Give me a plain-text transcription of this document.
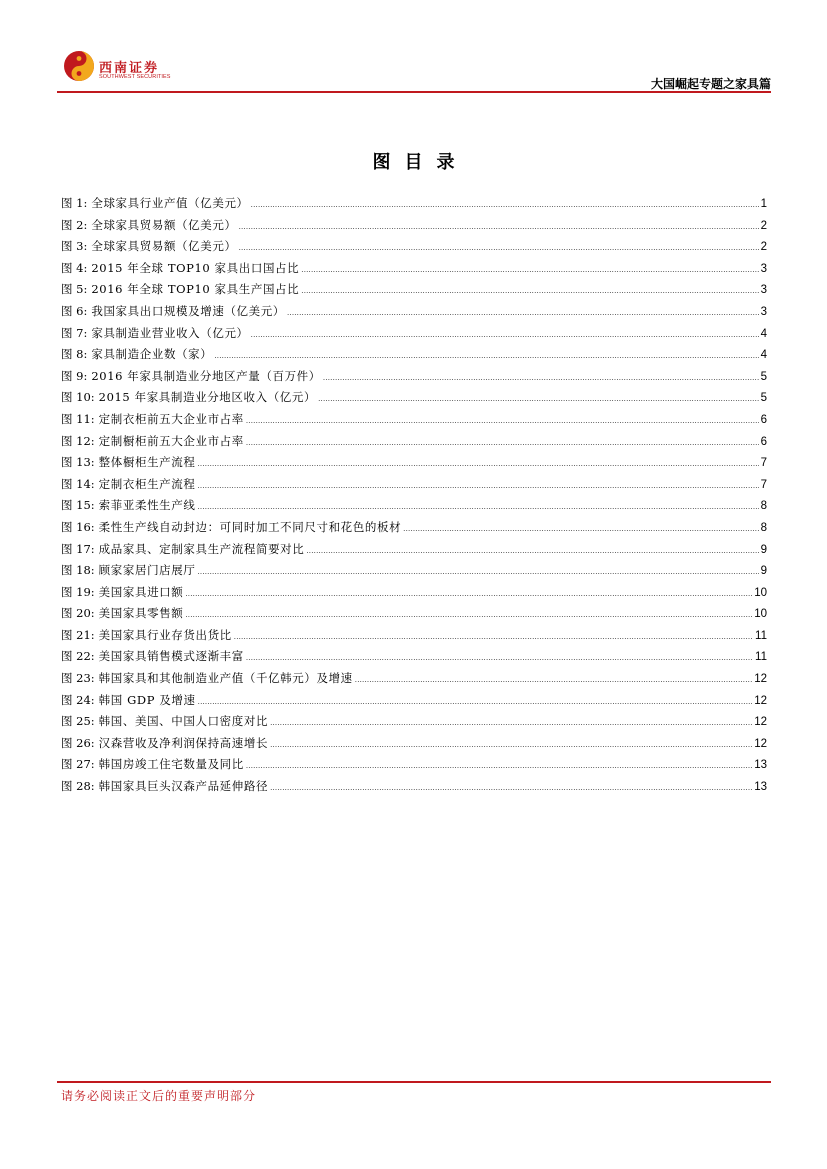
西南证券
SOUTHWEST SECURITIES	大国崛起专题之家具篇
图目录
图 1: 全球家具行业产值（亿美元） .....	1
图 2: 全球家具贸易额（亿美元） .....	2
图 3: 全球家具贸易额（亿美元） .....	2
图 4: 2015 年全球 TOP10 家具出口国占比 .....	3
图 5: 2016 年全球 TOP10 家具生产国占比 .....	3
图 6: 我国家具出口规模及增速（亿美元） .....	3
图 7: 家具制造业营业收入（亿元） .....	4
图 8: 家具制造企业数（家） .....	4
图 9: 2016 年家具制造业分地区产量（百万件） .....	5
图 10: 2015 年家具制造业分地区收入（亿元） .....	5
图 11: 定制衣柜前五大企业市占率 .....	6
图 12: 定制橱柜前五大企业市占率 .....	6
图 13: 整体橱柜生产流程 .....	7
图 14: 定制衣柜生产流程 .....	7
图 15: 索菲亚柔性生产线 .....	8
图 16: 柔性生产线自动封边：可同时加工不同尺寸和花色的板材 .....	8
图 17: 成品家具、定制家具生产流程简要对比 .....	9
图 18: 顾家家居门店展厅 .....	9
图 19: 美国家具进口额 .....	10
图 20: 美国家具零售额 .....	10
图 21: 美国家具行业存货出货比 .....	11
图 22: 美国家具销售模式逐渐丰富 .....	11
图 23: 韩国家具和其他制造业产值（千亿韩元）及增速 .....	12
图 24: 韩国 GDP 及增速 .....	12
图 25: 韩国、美国、中国人口密度对比 .....	12
图 26: 汉森营收及净利润保持高速增长 .....	12
图 27: 韩国房竣工住宅数量及同比 .....	13
图 28: 韩国家具巨头汉森产品延伸路径 .....	13
请务必阅读正文后的重要声明部分
